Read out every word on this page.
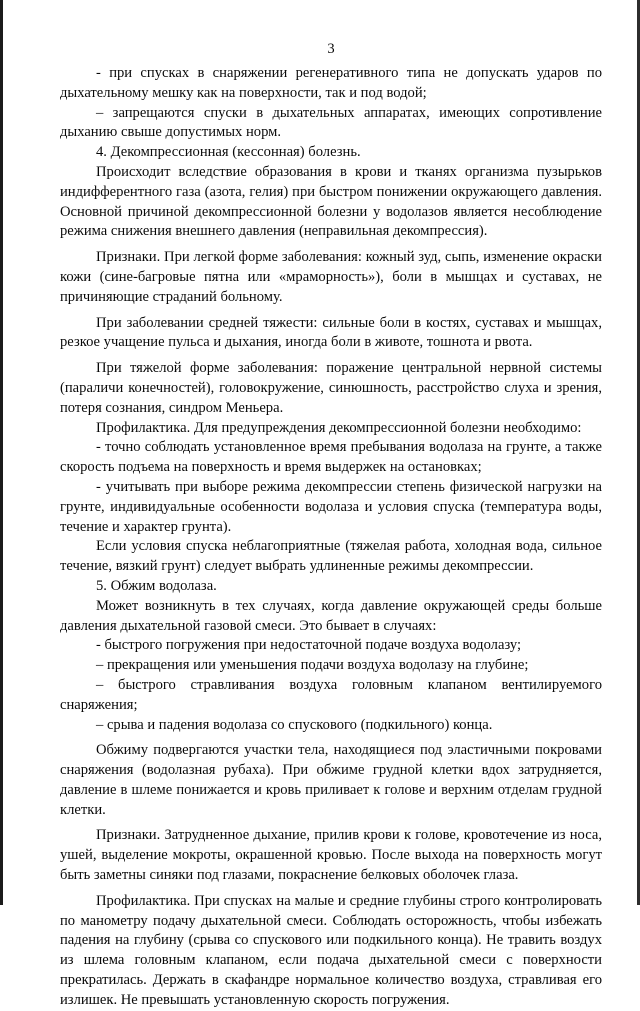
3

- при спусках в снаряжении регенеративного типа не допускать ударов по дыхательному мешку как на поверхности, так и под водой;

– запрещаются спуски в дыхательных аппаратах, имеющих сопротивление дыханию свыше допустимых норм.

4. Декомпрессионная (кессонная) болезнь.

Происходит вследствие образования в крови и тканях организма пузырьков индифферентного газа (азота, гелия) при быстром понижении окружающего давления. Основной причиной декомпрессионной болезни у водолазов является несоблюдение режима снижения внешнего давления (неправильная декомпрессия).

Признаки. При легкой форме заболевания: кожный зуд, сыпь, изменение окраски кожи (сине-багровые пятна или «мраморность»), боли в мышцах и суставах, не причиняющие страданий больному.

При заболевании средней тяжести: сильные боли в костях, суставах и мышцах, резкое учащение пульса и дыхания, иногда боли в животе, тошнота и рвота.

При тяжелой форме заболевания: поражение центральной нервной системы (параличи конечностей), головокружение, синюшность, расстройство слуха и зрения, потеря сознания, синдром Меньера.

Профилактика. Для предупреждения декомпрессионной болезни необходимо:

- точно соблюдать установленное время пребывания водолаза на грунте, а также скорость подъема на поверхность и время выдержек на остановках;

- учитывать при выборе режима декомпрессии степень физической нагрузки на грунте, индивидуальные особенности водолаза и условия спуска (температура воды, течение и характер грунта).

Если условия спуска неблагоприятные (тяжелая работа, холодная вода, сильное течение, вязкий грунт) следует выбрать удлиненные режимы декомпрессии.

5. Обжим водолаза.

Может возникнуть в тех случаях, когда давление окружающей среды больше давления дыхательной газовой смеси. Это бывает в случаях:

- быстрого погружения при недостаточной подаче воздуха водолазу;

– прекращения или уменьшения подачи воздуха водолазу на глубине;

– быстрого стравливания воздуха головным клапаном вентилируемого снаряжения;

– срыва и падения водолаза со спускового (подкильного) конца.

Обжиму подвергаются участки тела, находящиеся под эластичными покровами снаряжения (водолазная рубаха). При обжиме грудной клетки вдох затрудняется, давление в шлеме понижается и кровь приливает к голове и верхним отделам грудной клетки.

Признаки. Затрудненное дыхание, прилив крови к голове, кровотечение из носа, ушей, выделение мокроты, окрашенной кровью. После выхода на поверхность могут быть заметны синяки под глазами, покраснение белковых оболочек глаза.

Профилактика. При спусках на малые и средние глубины строго контролировать по манометру подачу дыхательной смеси. Соблюдать осторожность, чтобы избежать падения на глубину (срыва со спускового или подкильного конца). Не травить воздух из шлема головным клапаном, если подача дыхательной смеси с поверхности прекратилась. Держать в скафандре нормальное количество воздуха, стравливая его излишек. Не превышать установленную скорость погружения.
